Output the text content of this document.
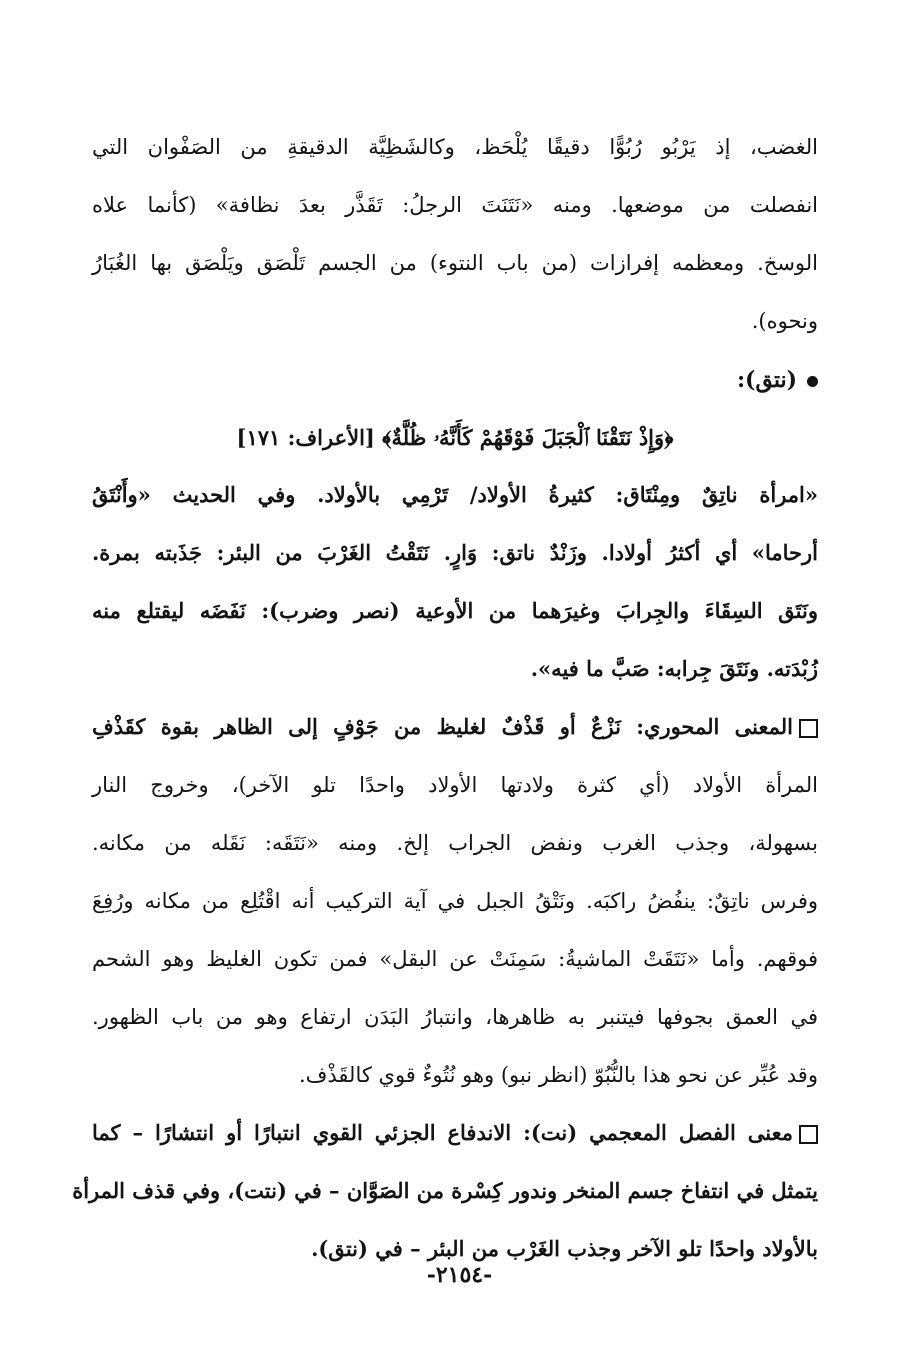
الغضب، إذ يَرْبُو رُبُوًّا دقيقًا يُلْحَظ، وكالشَظِيَّة الدقيقةِ من الصَفْوان التي
انفصلت من موضعها. ومنه «نَتَنَتَ الرجلُ: تَقَذَّر بعدَ نظافة» (كأنما علاه
الوسخ. ومعظمه إفرازات (من باب النتوء) من الجسم تَلْصَق ويَلْصَق بها الغُبَارُ
ونحوه).
(نتق):
﴿وَإِذْ نَتَقْنَا ٱلْجَبَلَ فَوْقَهُمْ كَأَنَّهُۥ ظُلَّةٌ﴾ [الأعراف: ١٧١]
«امرأة ناتِقٌ ومِنْتَاق: كثيرةُ الأولاد/ تَرْمِي بالأولاد. وفي الحديث «وأَنْتَقُ
أرحاما» أي أكثرُ أولادا. وزَنْدٌ ناتق: وَارٍ. نَتَقْتُ الغَرْبَ من البئر: جَذَبته بمرة.
ونَتَق السِقَاءَ والجِرابَ وغيرَهما من الأوعية (نصر وضرب): نَفَضَه ليقتلع منه
زُبْدَته. ونَتَقَ جِرابه: صَبَّ ما فيه».
المعنى المحوري: نَزْعٌ أو قَذْفٌ لغليظ من جَوْفٍ إلى الظاهر بقوة كقَذْفِ
المرأة الأولاد (أي كثرة ولادتها الأولاد واحدًا تلو الآخر)، وخروج النار
بسهولة، وجذب الغرب ونفض الجراب إلخ. ومنه «نَتَقَه: نَقَله من مكانه.
وفرس ناتِقٌ: ينفُضُ راكبَه. ونَتْقُ الجبل في آية التركيب أنه اقْتُلِع من مكانه ورُفِعَ
فوقهم. وأما «نَتَقَتْ الماشيةُ: سَمِنَتْ عن البقل» فمن تكون الغليظ وهو الشحم
في العمق بجوفها فيتنبر به ظاهرها، وانتبارُ البَدَن ارتفاع وهو من باب الظهور.
وقد عُبِّر عن نحو هذا بالنُّبُوّ (انظر نبو) وهو نُتُوءٌ قوي كالقَذْف.
معنى الفصل المعجمي (نت): الاندفاع الجزئي القوي انتبارًا أو انتشارًا – كما
يتمثل في انتفاخ جسم المنخر وندور كِسْرة من الصَوَّان – في (نتت)، وفي قذف المرأة
بالأولاد واحدًا تلو الآخر وجذب الغَرْب من البئر – في (نتق).
-٢١٥٤-
